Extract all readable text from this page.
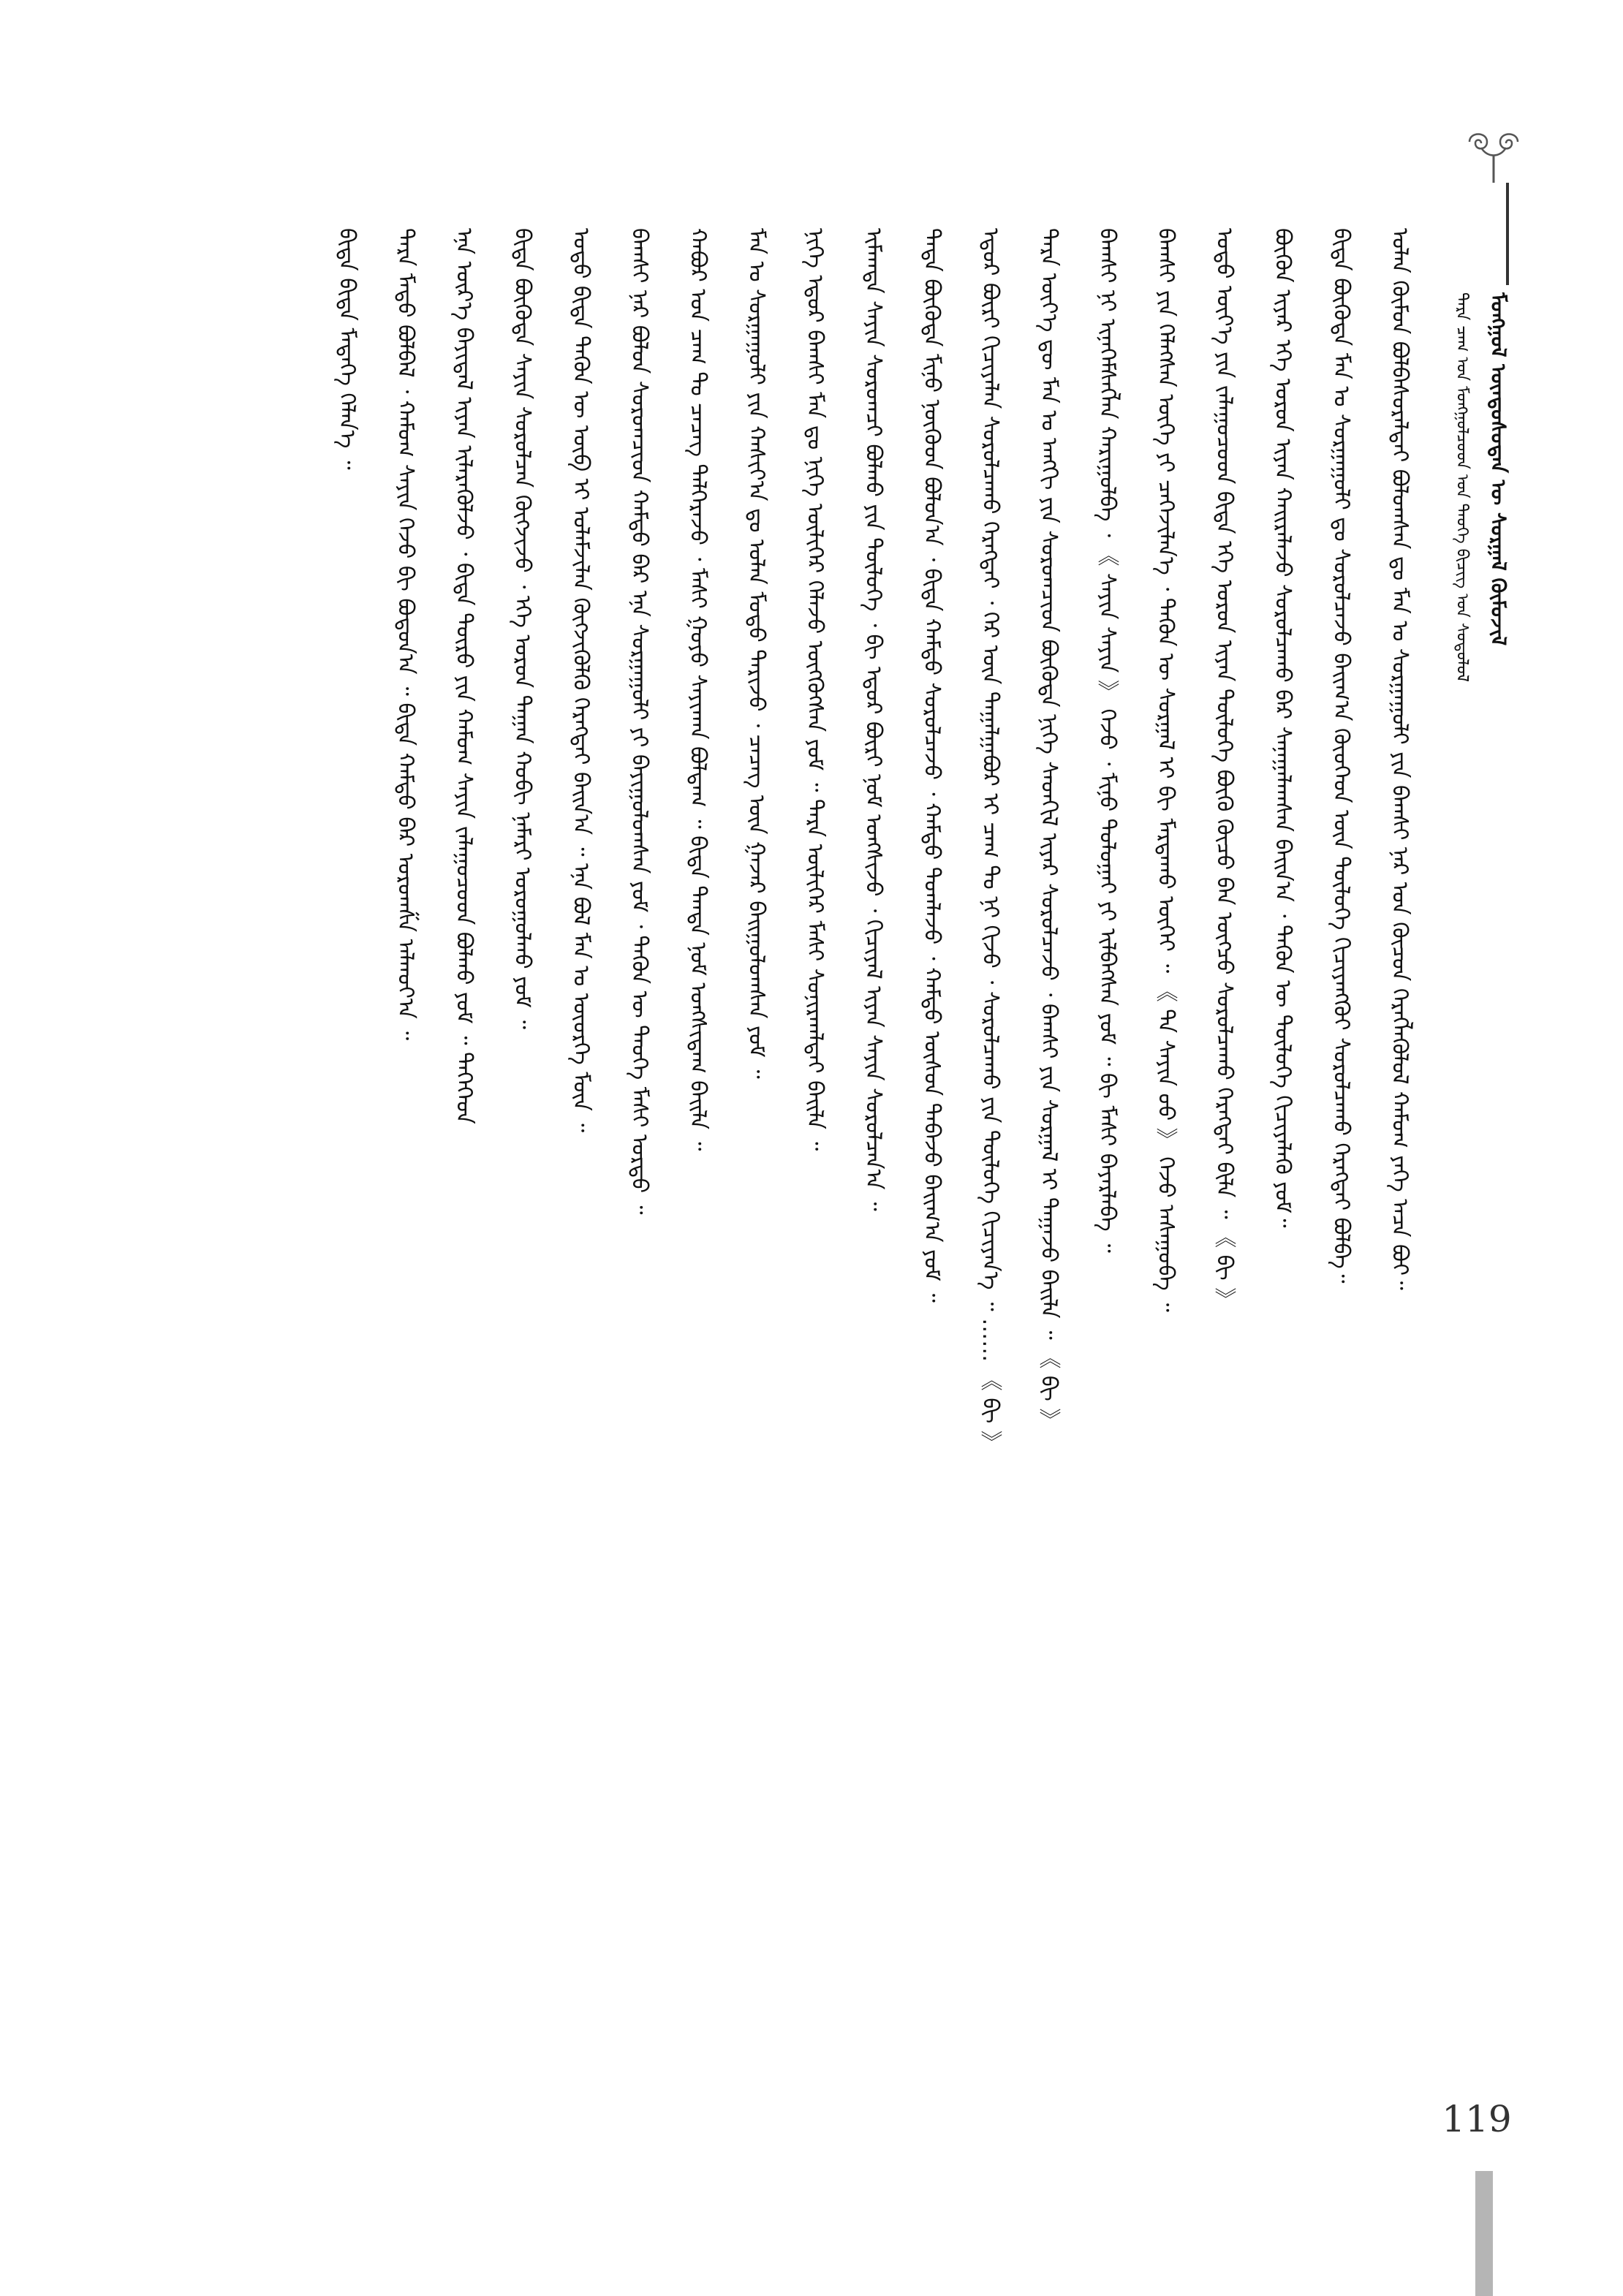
ᠮᠣᠩᠭᠣᠯ ᠦᠨᠳᠦᠰᠦᠲᠡᠨ ᠦ ᠰᠤᠷᠭᠠᠯ ᠬᠦᠮᠦᠵᠢᠯ
ᠲᠡᠷᠡ ᠴᠠᠭ ᠤᠨ ᠮᠣᠩᠭᠣᠯᠴᠤᠳ ᠤᠨ ᠲᠡᠦᠬᠡ ᠪᠢᠴᠢᠭ ᠤᠨ ᠰᠤᠳᠤᠯᠤᠯ
ᠣᠯᠠᠨ ᠬᠦᠮᠦᠨ ᠪᠣᠯᠪᠠᠰᠤᠷᠠᠯᠲᠠᠢ ᠪᠣᠯᠤᠭᠰᠠᠨ ᠳᠤ ᠮᠠᠨ ᠤ ᠰᠤᠷᠭᠠᠭᠤᠯᠢ ᠶᠢᠨ ᠪᠠᠭᠰᠢ ᠨᠠᠷ ᠤᠨ ᠬᠦᠴᠦᠨ ᠬᠡᠷᠡᠭᠯᠡᠭᠦᠯᠦᠯ ᠬᠠᠮᠤᠭ ᠶᠡᠬᠡ ᠠᠴᠠ ᠪᠤᠢ᠃
ᠪᠢᠳᠡ ᠪᠦᠭᠦᠳᠡ ᠮᠠᠨ ᠤ ᠰᠤᠷᠭᠠᠭᠤᠯᠢ ᠳᠤ ᠰᠤᠷᠤᠯᠴᠠᠵᠤ ᠪᠠᠢᠭ᠎ᠠ ᠬᠦᠦᠬᠡᠳ ᠦᠨ ᠲᠥᠯᠦᠭᠡ ᠬᠢᠴᠢᠶᠡᠩᠭᠦᠢ ᠰᠤᠷᠤᠯᠴᠠᠬᠤ ᠬᠡᠷᠡᠭᠲᠡᠢ ᠪᠣᠯᠪᠠ᠃
ᠪᠦᠬᠦᠨ ᠢᠶᠡᠷ ᠡᠬᠡ ᠣᠷᠣᠨ ᠢᠶᠠᠨ ᠬᠠᠢᠷᠠᠯᠠᠵᠤ ᠰᠤᠷᠤᠯᠴᠠᠬᠤ ᠪᠠᠷ ᠰᠠᠨᠠᠭᠠᠯᠠᠭᠰᠠᠨ ᠪᠠᠢᠨ᠎ᠠ ᠂ ᠲᠡᠭᠦᠨ ᠦ ᠲᠥᠯᠦᠭᠡ ᠬᠢᠴᠢᠶᠡᠯᠡᠬᠦ ᠶᠤᠮ᠃
ᠣᠳᠣ ᠦᠶ᠎ᠡ ᠶᠢᠨ ᠵᠠᠯᠠᠭᠤᠴᠤᠳ ᠪᠢᠳᠡ ᠡᠬᠡ ᠣᠷᠣᠨ ᠢᠶᠠᠨ ᠲᠥᠯᠦᠭᠡ ᠪᠦᠬᠦ ᠬᠦᠴᠦ ᠪᠡᠨ ᠥᠭᠴᠦ ᠰᠤᠷᠤᠯᠴᠠᠬᠤ ᠬᠡᠷᠡᠭᠲᠡᠢ ᠪᠢᠯᠡ ᠃ 《 ᠪᠢ 》
ᠪᠠᠭᠰᠢ ᠶᠢᠨ ᠬᠡᠯᠡᠭᠰᠡᠨ ᠦᠭᠡ ᠶᠢ ᠴᠡᠭᠡᠵᠢᠯᠡᠨ᠎ᠡ ᠂ ᠲᠡᠭᠦᠨ ᠦ ᠰᠤᠷᠭᠠᠯ ᠢ ᠪᠢ ᠮᠠᠷᠲᠠᠬᠤ ᠦᠭᠡᠢ ᠃ 《 ᠲᠠ ᠰᠠᠶᠢᠨ ᠤᠤ 》 ᠭᠡᠵᠦ ᠠᠰᠠᠭᠤᠪᠠ ᠃
ᠪᠠᠭᠰᠢ ᠨᠢ ᠢᠨᠡᠭᠡᠮᠰᠡᠭᠯᠡᠨ ᠬᠠᠷᠢᠭᠤᠯᠪᠠ ᠂ 《 ᠰᠠᠶᠢᠨ ᠰᠠᠶᠢᠨ 》 ᠭᠡᠵᠦ ᠂ ᠮᠢᠨᠤ ᠲᠣᠯᠣᠭᠠᠢ ᠶᠢ ᠢᠯᠪᠡᠭᠰᠡᠨ ᠶᠤᠮ ᠃ ᠪᠢ ᠮᠠᠰᠢ ᠪᠠᠶᠠᠷᠯᠠᠪᠠ ᠃
ᠲᠡᠷᠡ ᠦᠶ᠎ᠡ ᠳᠦ ᠮᠠᠨ ᠤ ᠠᠩᠭᠢ ᠶᠢᠨ ᠰᠤᠷᠤᠭᠴᠢᠳ ᠪᠦᠭᠦᠳᠡ ᠨᠢᠭᠡ ᠰᠡᠳᠬᠢᠯ ᠢᠶᠡᠷ ᠰᠤᠷᠤᠯᠴᠠᠵᠤ ᠂ ᠪᠠᠭᠰᠢ ᠶᠢᠨ ᠰᠤᠷᠭᠠᠯ ᠢ ᠳᠠᠭᠠᠵᠤ ᠪᠠᠢᠯᠠ ᠃ 《 ᠪᠢ 》
ᠡᠳᠦᠷ ᠪᠦᠷᠢ ᠬᠢᠴᠢᠶᠡᠯᠡᠨ ᠰᠤᠷᠤᠯᠴᠠᠬᠤ ᠬᠡᠷᠡᠭᠲᠡᠢ ᠂ ᠭᠡᠷ ᠦᠨ ᠳᠠᠭᠠᠯᠭᠠᠪᠤᠷ ᠢ ᠴᠠᠭ ᠲᠤ ᠨᠢ ᠬᠢᠵᠦ ᠂ ᠰᠤᠷᠤᠯᠴᠠᠬᠤ ᠶᠢᠨ ᠲᠥᠯᠦᠭᠡ ᠬᠢᠴᠢᠶᠡᠨ᠎ᠡ ᠃ …… 《 ᠪᠢ 》
ᠲᠡᠳᠡ ᠪᠦᠭᠦᠳᠡ ᠮᠢᠨᠤ ᠨᠥᠬᠦᠳ ᠪᠣᠯᠤᠨ᠎ᠠ ᠂ ᠪᠢᠳᠡ ᠬᠠᠮᠲᠤ ᠰᠤᠷᠤᠯᠴᠠᠵᠤ ᠂ ᠬᠠᠮᠲᠤ ᠲᠣᠭᠯᠠᠵᠤ ᠂ ᠬᠠᠮᠲᠤ ᠥᠰᠦᠨ ᠳᠠᠪᠠᠵᠤ ᠪᠠᠢᠭ᠎ᠠ ᠶᠤᠮ ᠃
ᠢᠮᠠᠭᠲᠠ ᠰᠠᠶᠢᠨ ᠰᠤᠷᠤᠭᠴᠢ ᠪᠣᠯᠬᠤ ᠶᠢᠨ ᠲᠥᠯᠦᠭᠡ ᠂ ᠪᠢ ᠡᠳᠦᠷ ᠪᠦᠷᠢ ᠨᠣᠮ ᠤᠩᠰᠢᠵᠤ ᠂ ᠬᠢᠴᠢᠶᠡᠯ ᠢᠶᠡᠨ ᠰᠠᠶᠢᠨ ᠰᠤᠷᠤᠯᠴᠠᠨ᠎ᠠ ᠃
ᠨᠢᠭᠡ ᠡᠳᠦᠷ ᠪᠠᠭᠰᠢ ᠮᠠᠨ ᠳᠤ ᠨᠢᠭᠡ ᠦᠯᠢᠭᠡᠷ ᠬᠡᠯᠡᠵᠦ ᠥᠭᠭᠦᠭᠰᠡᠨ ᠶᠤᠮ ᠃ ᠲᠡᠷᠡ ᠦᠯᠢᠭᠡᠷ ᠮᠠᠰᠢ ᠰᠣᠨᠢᠷᠬᠠᠯᠲᠠᠢ ᠪᠠᠢᠯᠠ ᠃
ᠮᠠᠨ ᠤ ᠰᠤᠷᠭᠠᠭᠤᠯᠢ ᠶᠢᠨ ᠬᠠᠰᠢᠶ᠎ᠠ ᠳᠤ ᠣᠯᠠᠨ ᠮᠣᠳᠣ ᠲᠠᠷᠢᠵᠤ ᠂ ᠴᠡᠴᠡᠭ ᠦᠨ ᠭᠠᠵᠠᠷ ᠪᠠᠢᠭᠤᠯᠤᠭᠰᠠᠨ ᠶᠤᠮ ᠃
ᠬᠠᠪᠤᠷ ᠤᠨ ᠴᠠᠭ ᠲᠤ ᠴᠡᠴᠡᠭ ᠳᠡᠯᠭᠡᠷᠡᠵᠦ ᠂ ᠮᠠᠰᠢ ᠭᠣᠶᠣ ᠰᠠᠶᠢᠬᠠᠨ ᠪᠣᠯᠳᠠᠭ ᠃ ᠪᠢᠳᠡ ᠲᠡᠨᠳᠡ ᠨᠣᠮ ᠤᠩᠰᠢᠳᠠᠭ ᠪᠠᠢᠯᠠ ᠃
ᠪᠠᠭᠰᠢ ᠨᠠᠷ ᠪᠣᠯᠣᠨ ᠰᠤᠷᠤᠭᠴᠢᠳ ᠬᠠᠮᠲᠤ ᠪᠠᠷ ᠡᠨᠡ ᠰᠤᠷᠭᠠᠭᠤᠯᠢ ᠶᠢ ᠪᠠᠶᠢᠭᠤᠯᠤᠭᠰᠠᠨ ᠶᠤᠮ ᠂ ᠲᠡᠭᠦᠨ ᠦ ᠲᠡᠦᠬᠡ ᠮᠠᠰᠢ ᠤᠷᠲᠤ ᠃
ᠣᠳᠣ ᠪᠢᠳᠡ ᠲᠡᠭᠦᠨ ᠦ ᠥᠪ ᠢ ᠤᠯᠠᠮᠵᠢᠯᠠᠨ ᠬᠥᠭᠵᠢᠭᠦᠯᠬᠦ ᠬᠡᠷᠡᠭᠲᠡᠢ ᠪᠠᠢᠨ᠎ᠠ ᠃ ᠡᠨᠡ ᠪᠣᠯ ᠮᠠᠨ ᠤ ᠦᠦᠷᠭᠡ ᠮᠥᠨ ᠃
ᠪᠢᠳᠡ ᠪᠦᠭᠦᠳᠡ ᠰᠠᠶᠢᠨ ᠰᠤᠷᠤᠯᠴᠠᠨ ᠬᠥᠭᠵᠢᠵᠦ ᠂ ᠡᠬᠡ ᠣᠷᠣᠨ ᠳᠠᠭᠠᠨ ᠬᠤᠪᠢ ᠨᠡᠮᠡᠷᠢ ᠣᠷᠣᠭᠤᠯᠬᠤ ᠶᠤᠮ ᠃
ᠡᠨᠡ ᠦᠷ᠎ᠡ ᠪᠠᠶᠢᠳᠠᠯ ᠢᠶᠡᠨ ᠢᠯᠡᠷᠡᠭᠦᠯᠵᠦ ᠂ ᠪᠢᠳᠡ ᠲᠦᠷᠦ ᠶᠢᠨ ᠬᠠᠮᠤᠭ ᠰᠠᠶᠢᠨ ᠵᠠᠯᠠᠭᠤᠴᠤᠳ ᠪᠣᠯᠬᠤ ᠶᠤᠮ ᠃ ᠲᠡᠭᠡᠭᠡᠳ
ᠲᠡᠷᠡ ᠮᠡᠲᠦ ᠪᠣᠯᠪᠠᠯ ᠂ ᠬᠠᠮᠤᠭ ᠰᠠᠶᠢᠨ ᠭᠡᠵᠦ ᠪᠢ ᠪᠣᠳᠣᠨ᠎ᠠ ᠃ ᠪᠢᠳᠡ ᠬᠠᠮᠲᠤ ᠪᠠᠷ ᠤᠷᠤᠭᠱᠠ ᠠᠯᠬᠤᠶ᠎ᠠ ᠃
ᠪᠢᠳᠡ ᠪᠢᠳᠡ ᠮᠡᠳᠡᠭᠡ ᠬᠡᠯᠡᠨ᠎ᠡ ᠃
119
